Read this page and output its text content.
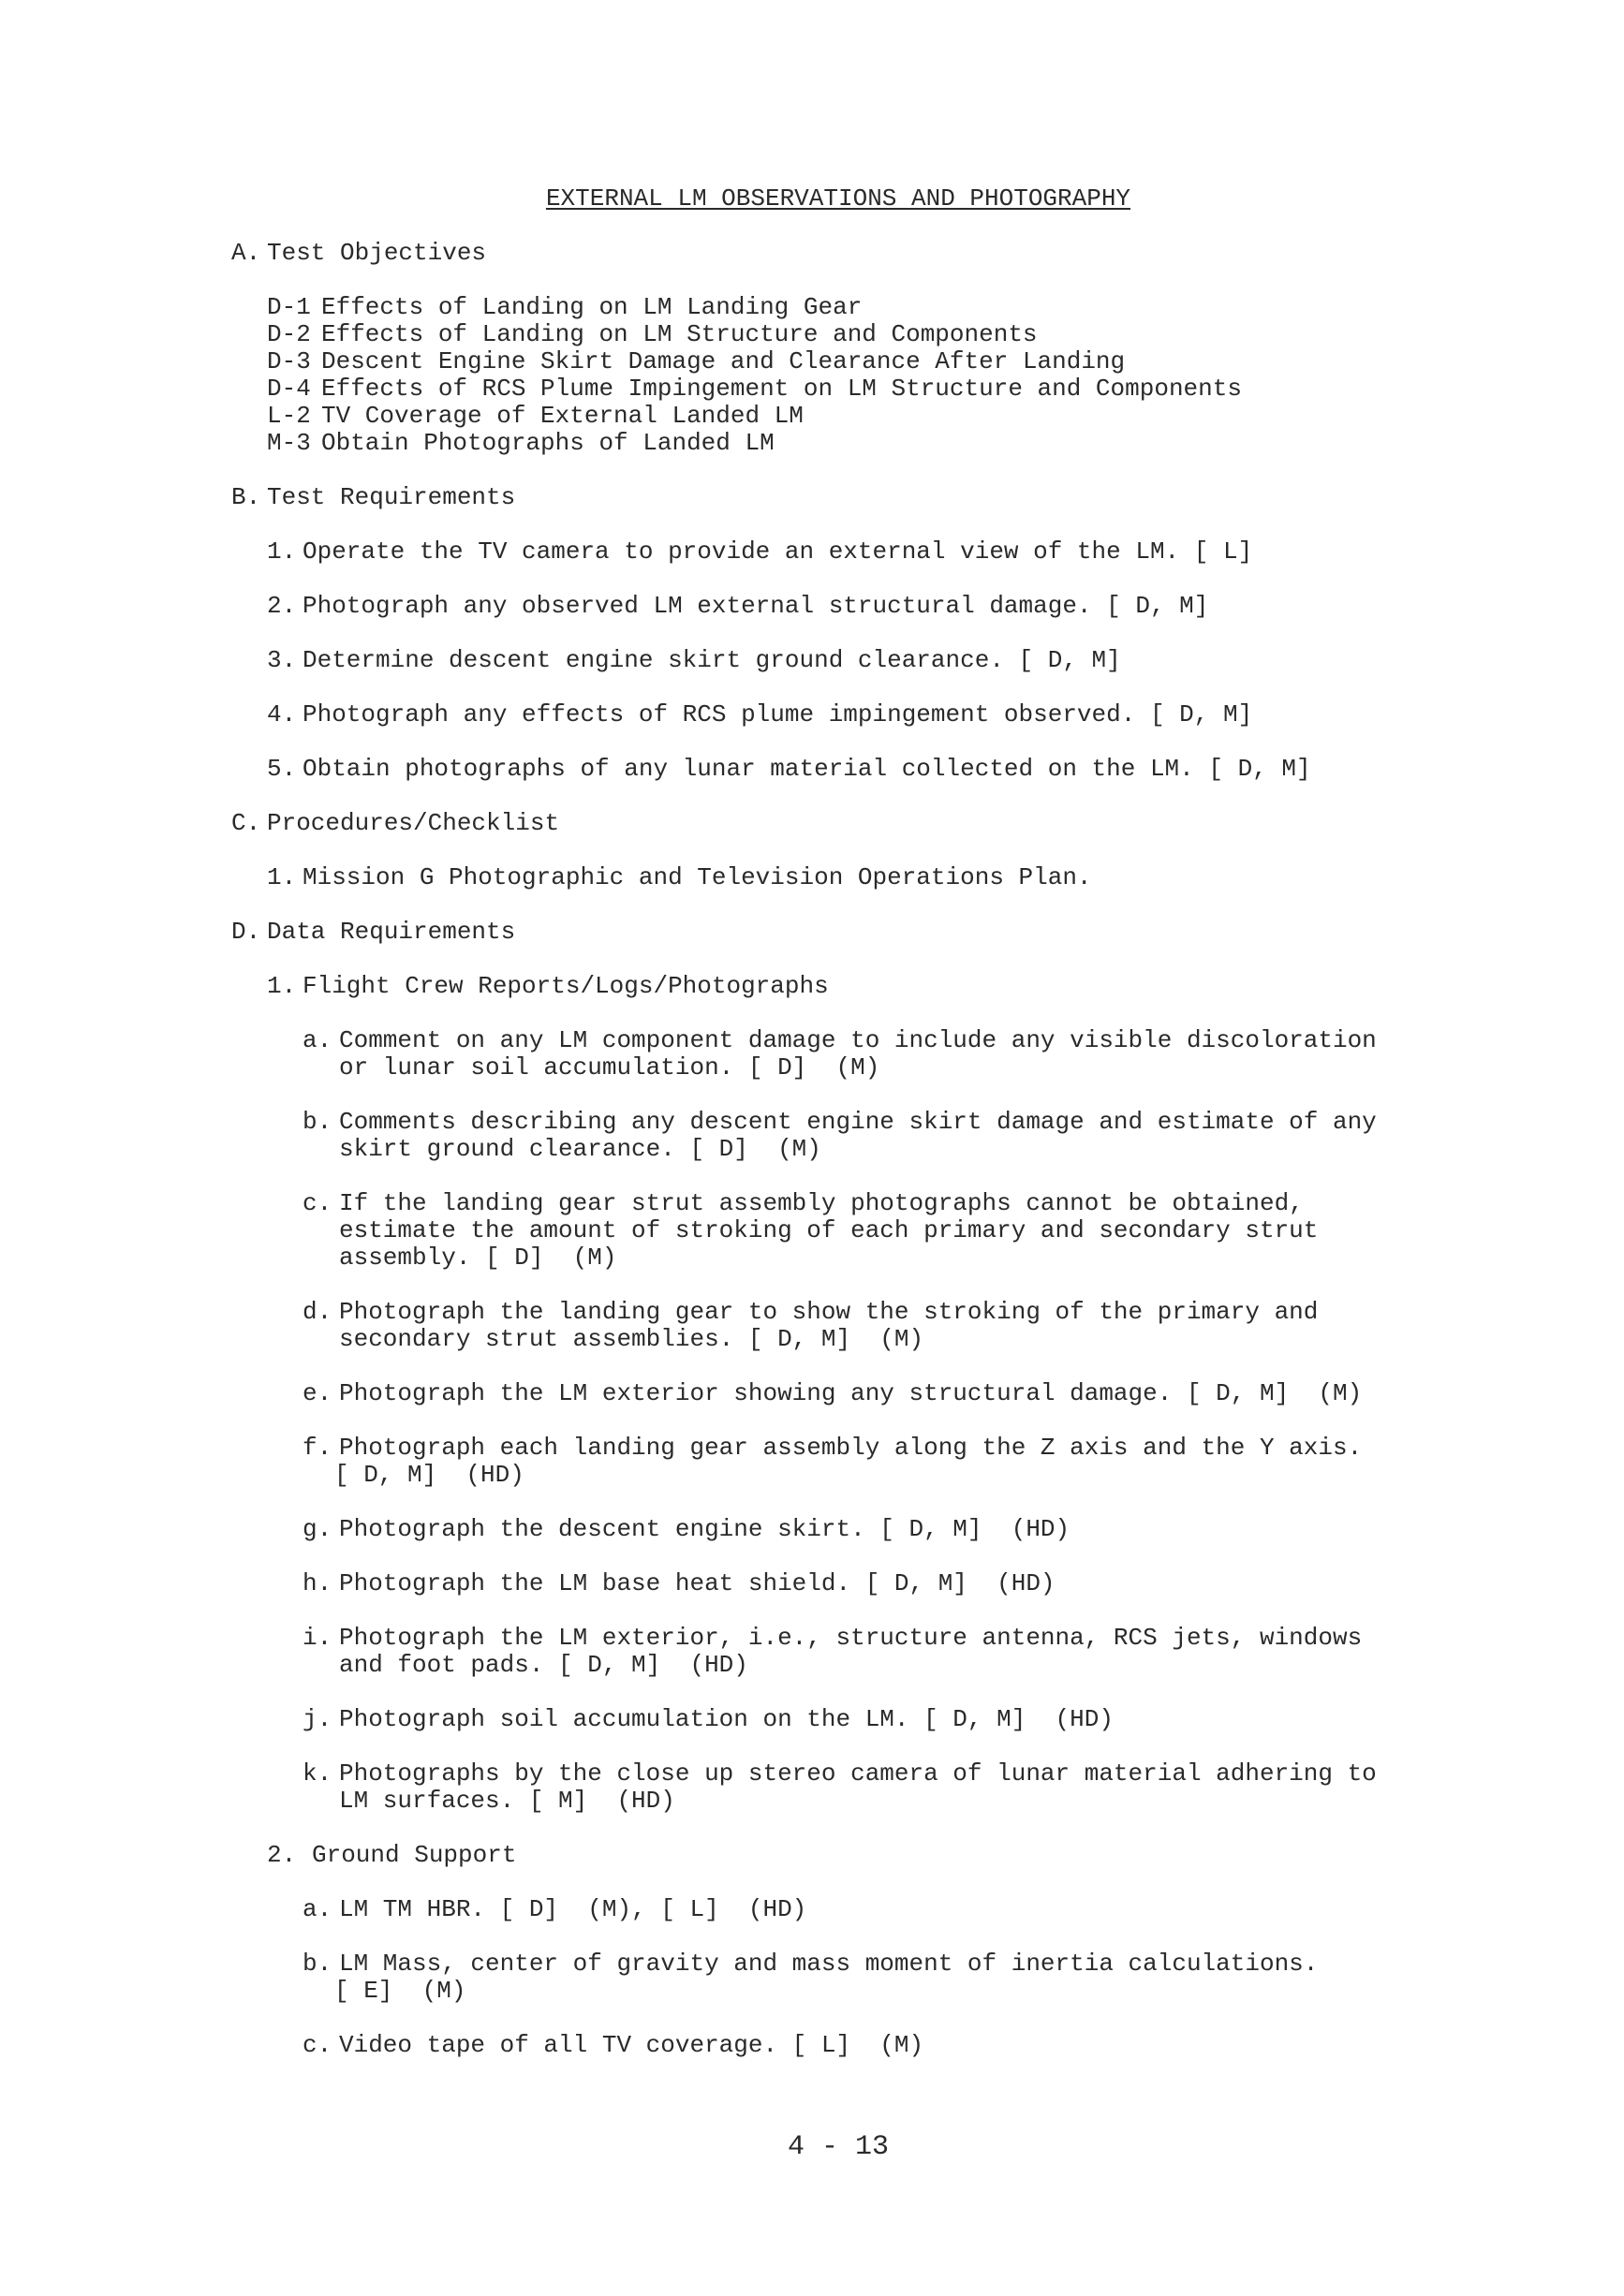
EXTERNAL LM OBSERVATIONS AND PHOTOGRAPHY
A. Test Objectives
D-1 Effects of Landing on LM Landing Gear
D-2 Effects of Landing on LM Structure and Components
D-3 Descent Engine Skirt Damage and Clearance After Landing
D-4 Effects of RCS Plume Impingement on LM Structure and Components
L-2 TV Coverage of External Landed LM
M-3 Obtain Photographs of Landed LM
B. Test Requirements
1. Operate the TV camera to provide an external view of the LM. [ L]
2. Photograph any observed LM external structural damage. [ D, M]
3. Determine descent engine skirt ground clearance. [ D, M]
4. Photograph any effects of RCS plume impingement observed. [ D, M]
5. Obtain photographs of any lunar material collected on the LM. [ D, M]
C. Procedures/Checklist
1. Mission G Photographic and Television Operations Plan.
D. Data Requirements
1. Flight Crew Reports/Logs/Photographs
a. Comment on any LM component damage to include any visible discoloration
or lunar soil accumulation. [ D]  (M)
b. Comments describing any descent engine skirt damage and estimate of any
skirt ground clearance. [ D]  (M)
c. If the landing gear strut assembly photographs cannot be obtained,
estimate the amount of stroking of each primary and secondary strut
assembly. [ D]  (M)
d. Photograph the landing gear to show the stroking of the primary and
secondary strut assemblies. [ D, M]  (M)
e. Photograph the LM exterior showing any structural damage. [ D, M]  (M)
f. Photograph each landing gear assembly along the Z axis and the Y axis.
[ D, M]  (HD)
g. Photograph the descent engine skirt. [ D, M]  (HD)
h. Photograph the LM base heat shield. [ D, M]  (HD)
i. Photograph the LM exterior, i.e., structure antenna, RCS jets, windows
and foot pads. [ D, M]  (HD)
j. Photograph soil accumulation on the LM. [ D, M]  (HD)
k. Photographs by the close up stereo camera of lunar material adhering to
LM surfaces. [ M]  (HD)
2. Ground Support
a. LM TM HBR. [ D]  (M), [ L]  (HD)
b. LM Mass, center of gravity and mass moment of inertia calculations.
[ E]  (M)
c. Video tape of all TV coverage. [ L]  (M)
4 - 13
